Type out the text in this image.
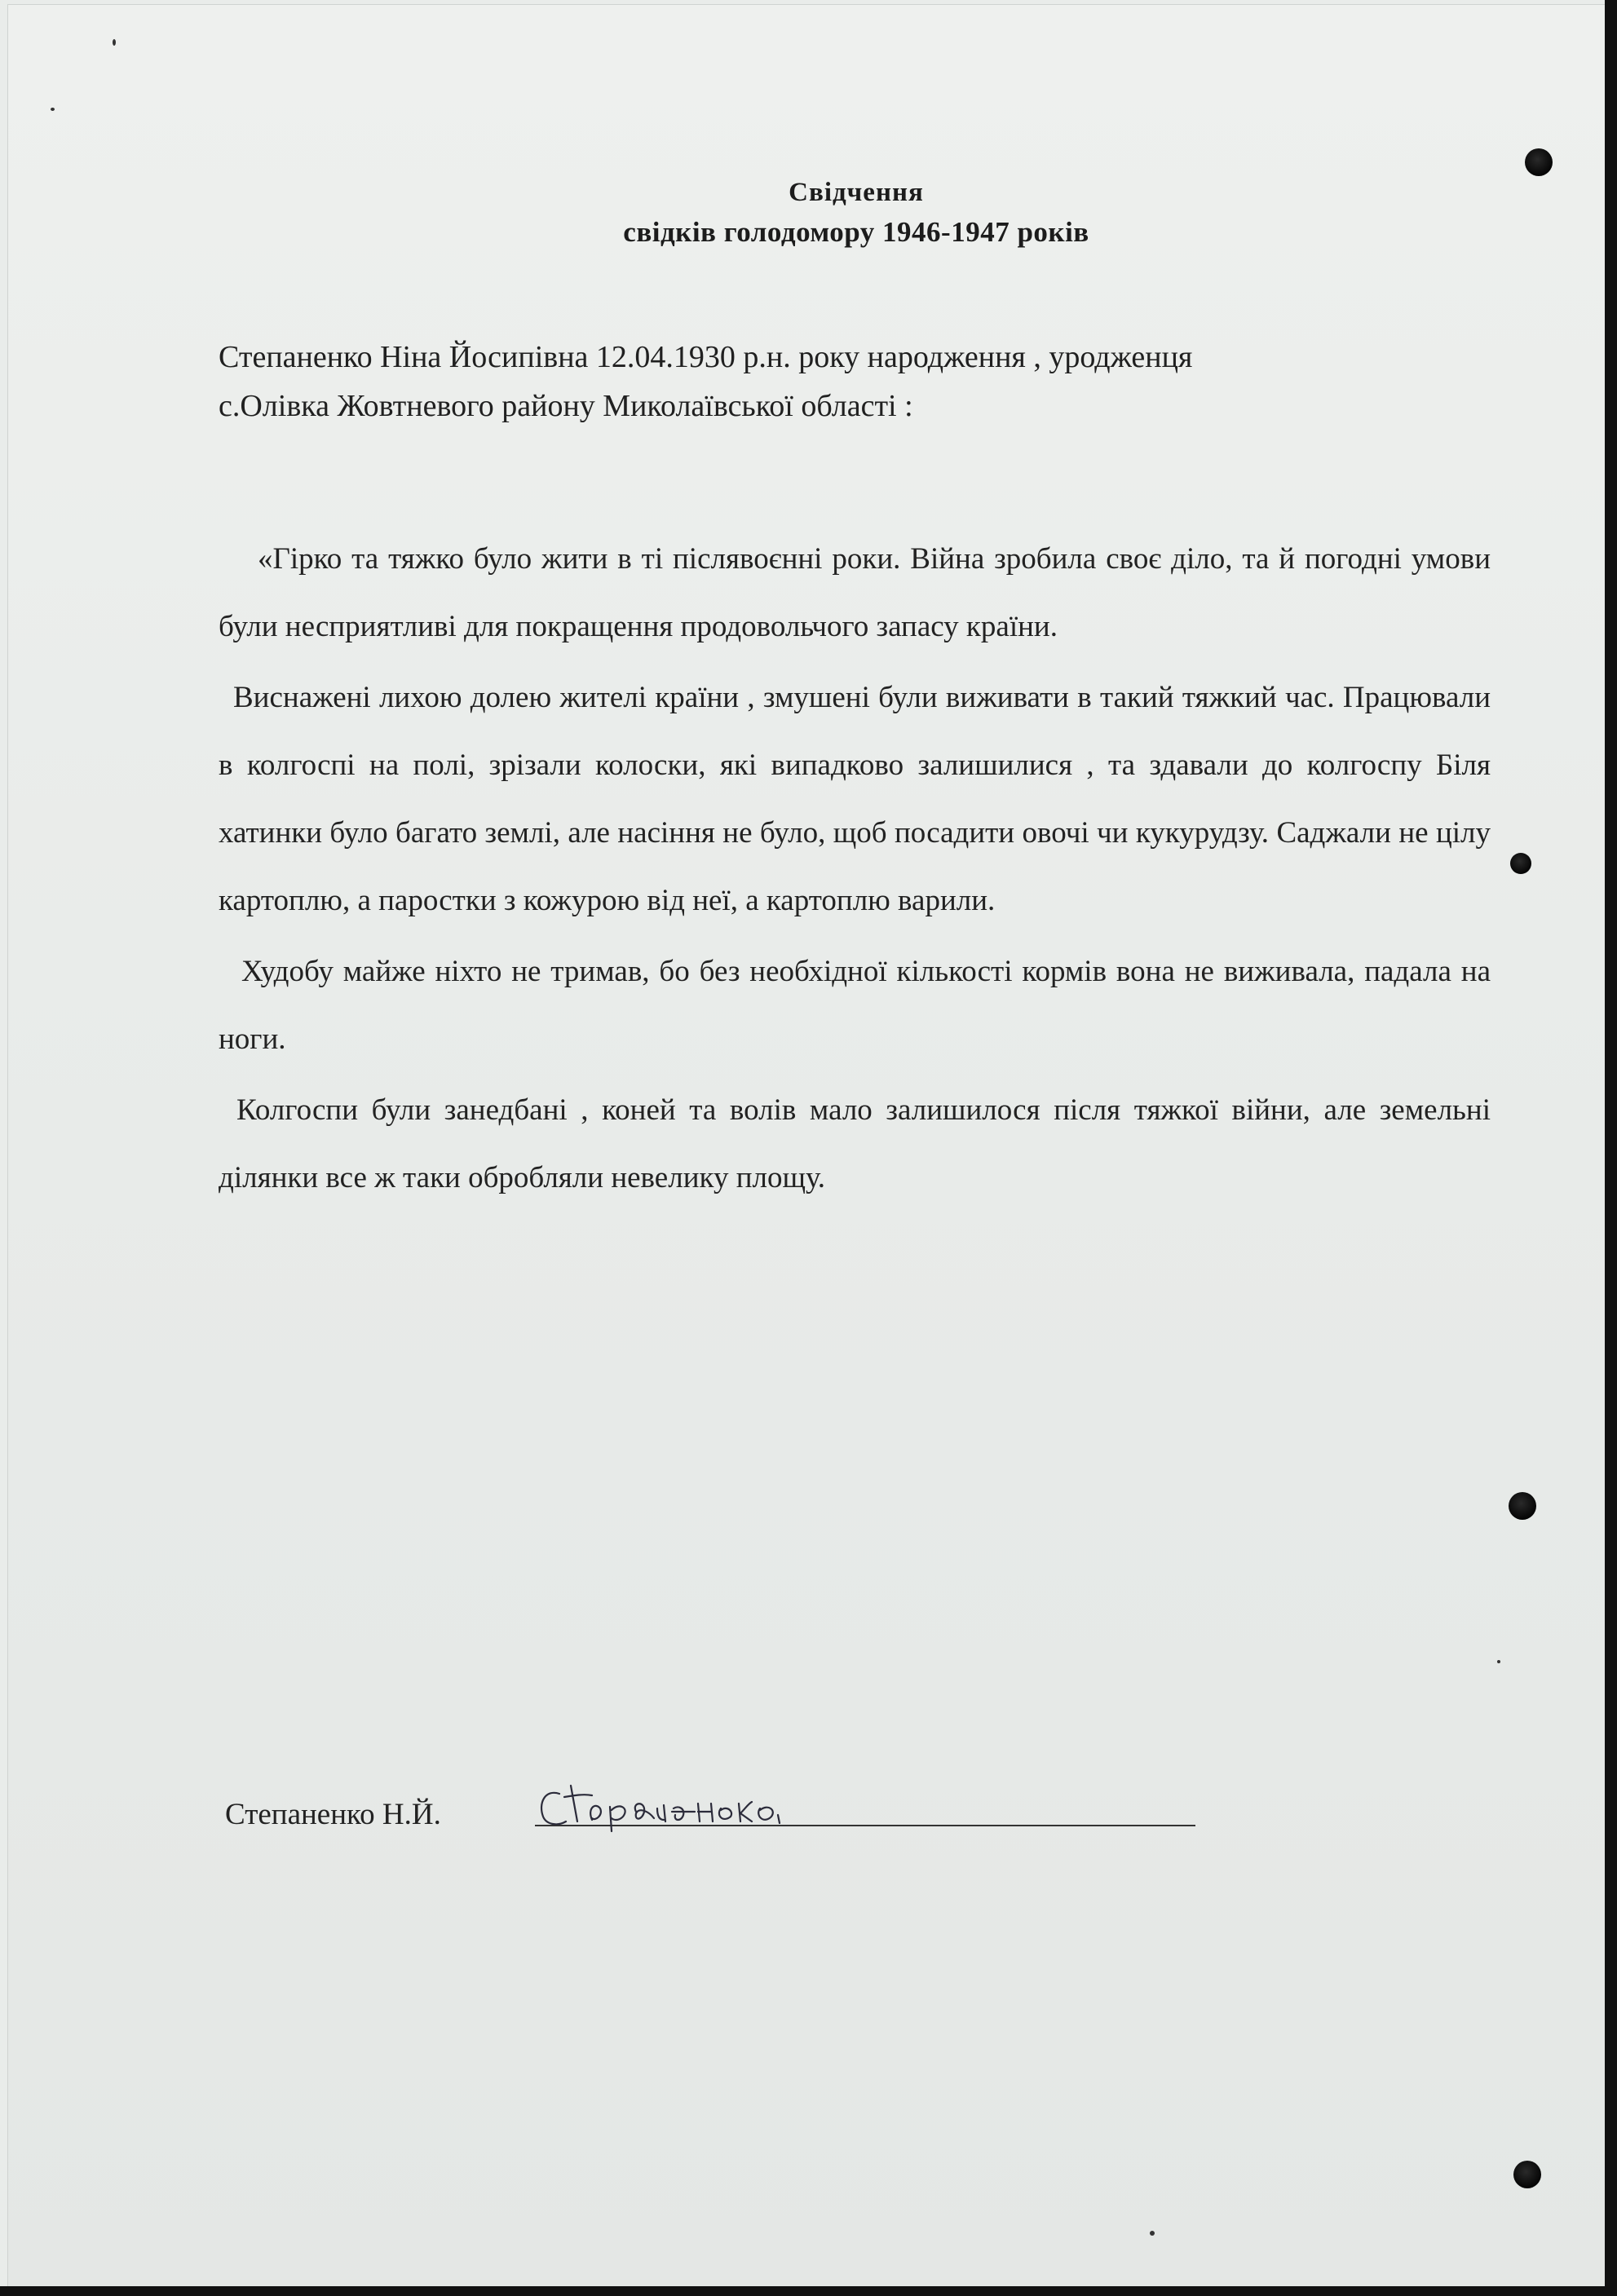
Свідчення
свідків голодомору 1946-1947 років

Степаненко Ніна Йосипівна 12.04.1930 р.н. року народження , уродженця

с.Олівка Жовтневого району Миколаївської області :

«Гірко та тяжко було жити в ті післявоєнні роки. Війна зробила своє діло, та й погодні умови були несприятливі для покращення продовольчого запасу країни.

Виснажені лихою долею жителі країни , змушені були виживати в такий тяжкий час. Працювали в колгоспі на полі, зрізали колоски, які випадково залишилися , та здавали до колгоспу Біля хатинки було багато землі, але насіння не було, щоб посадити овочі чи кукурудзу. Саджали не цілу картоплю, а паростки з кожурою від неї, а картоплю варили.

Худобу майже ніхто не тримав, бо без необхідної кількості кормів вона не виживала, падала на ноги.

Колгоспи були занедбані , коней та волів мало залишилося після тяжкої війни, але земельні ділянки все ж таки обробляли невелику площу.

Степаненко Н.Й.
